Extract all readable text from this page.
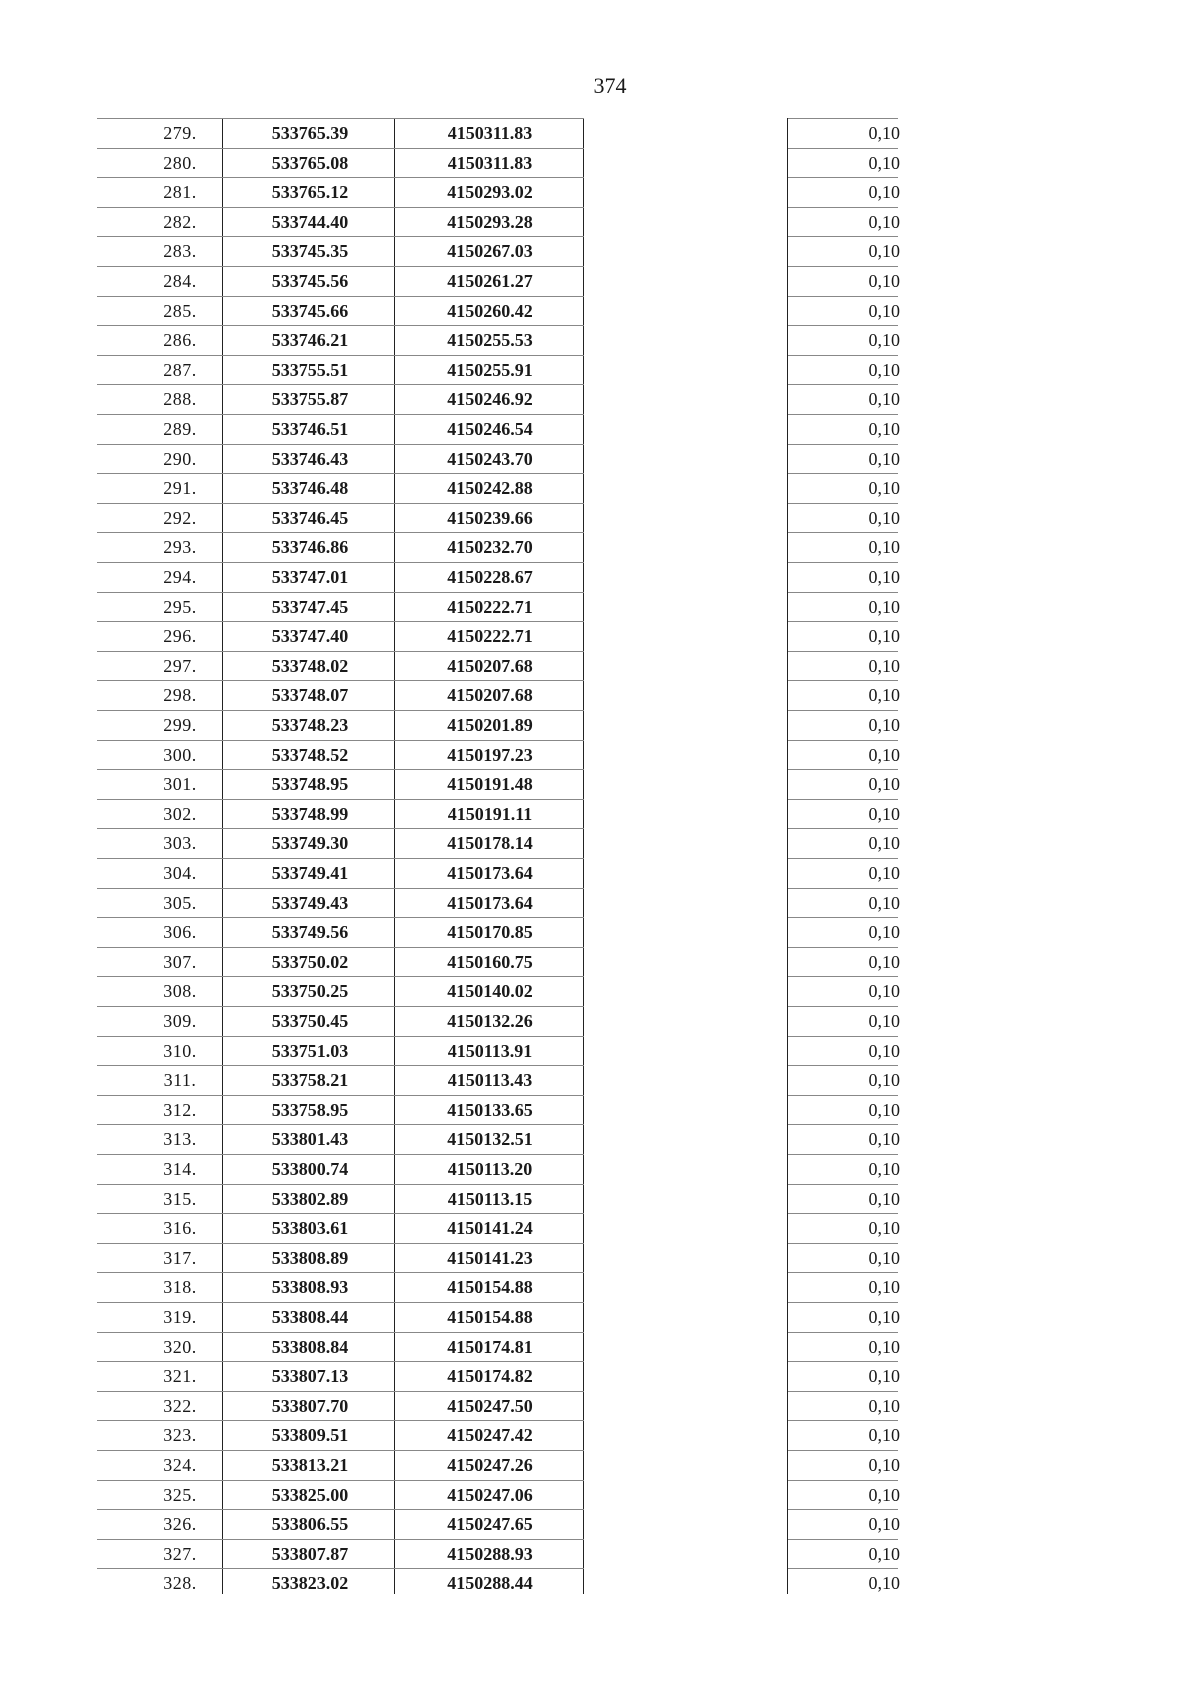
374
279.	533765.39	4150311.83	0,10
280.	533765.08	4150311.83	0,10
281.	533765.12	4150293.02	0,10
282.	533744.40	4150293.28	0,10
283.	533745.35	4150267.03	0,10
284.	533745.56	4150261.27	0,10
285.	533745.66	4150260.42	0,10
286.	533746.21	4150255.53	0,10
287.	533755.51	4150255.91	0,10
288.	533755.87	4150246.92	0,10
289.	533746.51	4150246.54	0,10
290.	533746.43	4150243.70	0,10
291.	533746.48	4150242.88	0,10
292.	533746.45	4150239.66	0,10
293.	533746.86	4150232.70	0,10
294.	533747.01	4150228.67	0,10
295.	533747.45	4150222.71	0,10
296.	533747.40	4150222.71	0,10
297.	533748.02	4150207.68	0,10
298.	533748.07	4150207.68	0,10
299.	533748.23	4150201.89	0,10
300.	533748.52	4150197.23	0,10
301.	533748.95	4150191.48	0,10
302.	533748.99	4150191.11	0,10
303.	533749.30	4150178.14	0,10
304.	533749.41	4150173.64	0,10
305.	533749.43	4150173.64	0,10
306.	533749.56	4150170.85	0,10
307.	533750.02	4150160.75	0,10
308.	533750.25	4150140.02	0,10
309.	533750.45	4150132.26	0,10
310.	533751.03	4150113.91	0,10
311.	533758.21	4150113.43	0,10
312.	533758.95	4150133.65	0,10
313.	533801.43	4150132.51	0,10
314.	533800.74	4150113.20	0,10
315.	533802.89	4150113.15	0,10
316.	533803.61	4150141.24	0,10
317.	533808.89	4150141.23	0,10
318.	533808.93	4150154.88	0,10
319.	533808.44	4150154.88	0,10
320.	533808.84	4150174.81	0,10
321.	533807.13	4150174.82	0,10
322.	533807.70	4150247.50	0,10
323.	533809.51	4150247.42	0,10
324.	533813.21	4150247.26	0,10
325.	533825.00	4150247.06	0,10
326.	533806.55	4150247.65	0,10
327.	533807.87	4150288.93	0,10
328.	533823.02	4150288.44	0,10
